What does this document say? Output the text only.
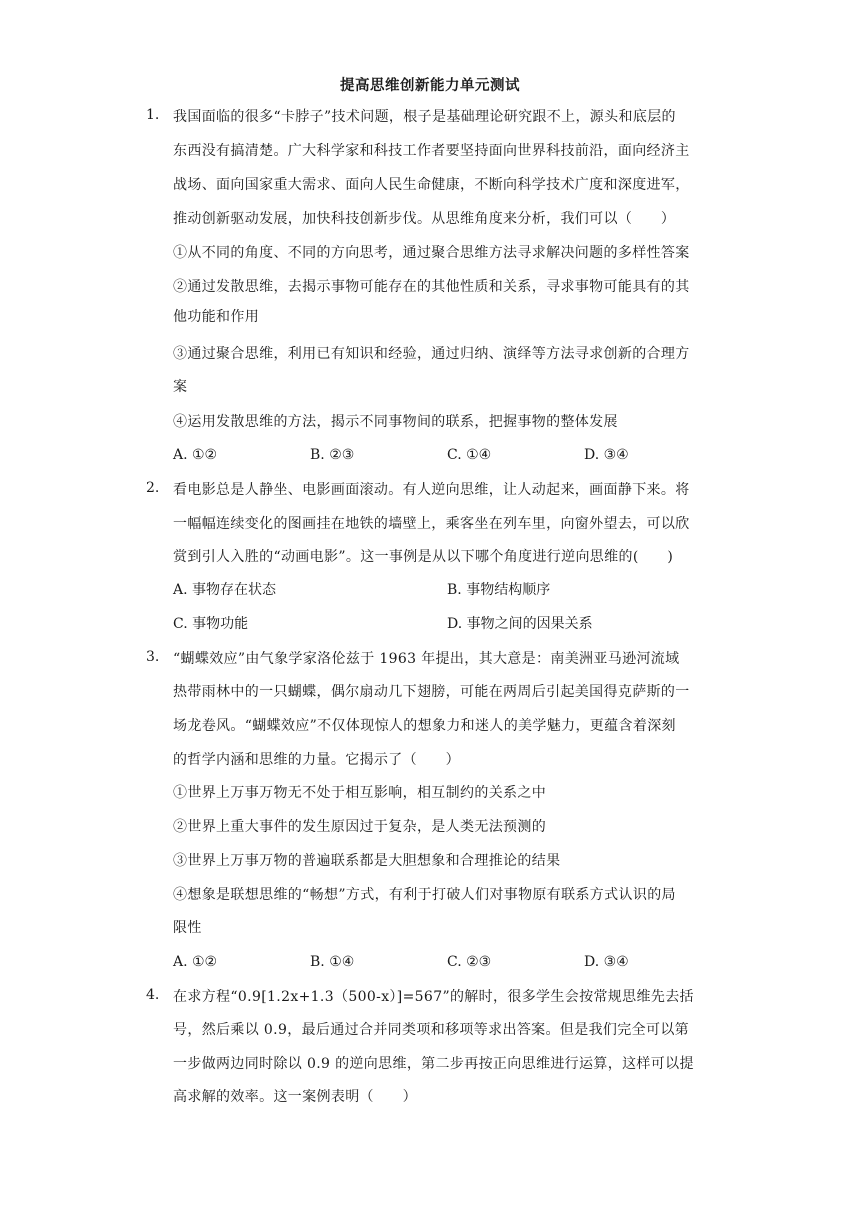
提高思维创新能力单元测试
1. 我国面临的很多“卡脖子”技术问题，根子是基础理论研究跟不上，源头和底层的
东西没有搞清楚。广大科学家和科技工作者要坚持面向世界科技前沿，面向经济主
战场、面向国家重大需求、面向人民生命健康，不断向科学技术广度和深度进军，
推动创新驱动发展，加快科技创新步伐。从思维角度来分析，我们可以（　　）
①从不同的角度、不同的方向思考，通过聚合思维方法寻求解决问题的多样性答案
②通过发散思维，去揭示事物可能存在的其他性质和关系，寻求事物可能具有的其
他功能和作用
③通过聚合思维，利用已有知识和经验，通过归纳、演绎等方法寻求创新的合理方
案
④运用发散思维的方法，揭示不同事物间的联系，把握事物的整体发展
A. ①②	B. ②③	C. ①④	D. ③④
2. 看电影总是人静坐、电影画面滚动。有人逆向思维，让人动起来，画面静下来。将
一幅幅连续变化的图画挂在地铁的墙壁上，乘客坐在列车里，向窗外望去，可以欣
赏到引人入胜的“动画电影”。这一事例是从以下哪个角度进行逆向思维的(　　)
A. 事物存在状态	B. 事物结构顺序
C. 事物功能	D. 事物之间的因果关系
3. “蝴蝶效应”由气象学家洛伦兹于 1963 年提出，其大意是：南美洲亚马逊河流域
热带雨林中的一只蝴蝶，偶尔扇动几下翅膀，可能在两周后引起美国得克萨斯的一
场龙卷风。“蝴蝶效应”不仅体现惊人的想象力和迷人的美学魅力，更蕴含着深刻
的哲学内涵和思维的力量。它揭示了（　　）
①世界上万事万物无不处于相互影响，相互制约的关系之中
②世界上重大事件的发生原因过于复杂，是人类无法预测的
③世界上万事万物的普遍联系都是大胆想象和合理推论的结果
④想象是联想思维的“畅想”方式，有利于打破人们对事物原有联系方式认识的局
限性
A. ①②	B. ①④	C. ②③	D. ③④
4. 在求方程“0.9[1.2x+1.3（500-x）]=567”的解时，很多学生会按常规思维先去括
号，然后乘以 0.9，最后通过合并同类项和移项等求出答案。但是我们完全可以第
一步做两边同时除以 0.9 的逆向思维，第二步再按正向思维进行运算，这样可以提
高求解的效率。这一案例表明（　　）
